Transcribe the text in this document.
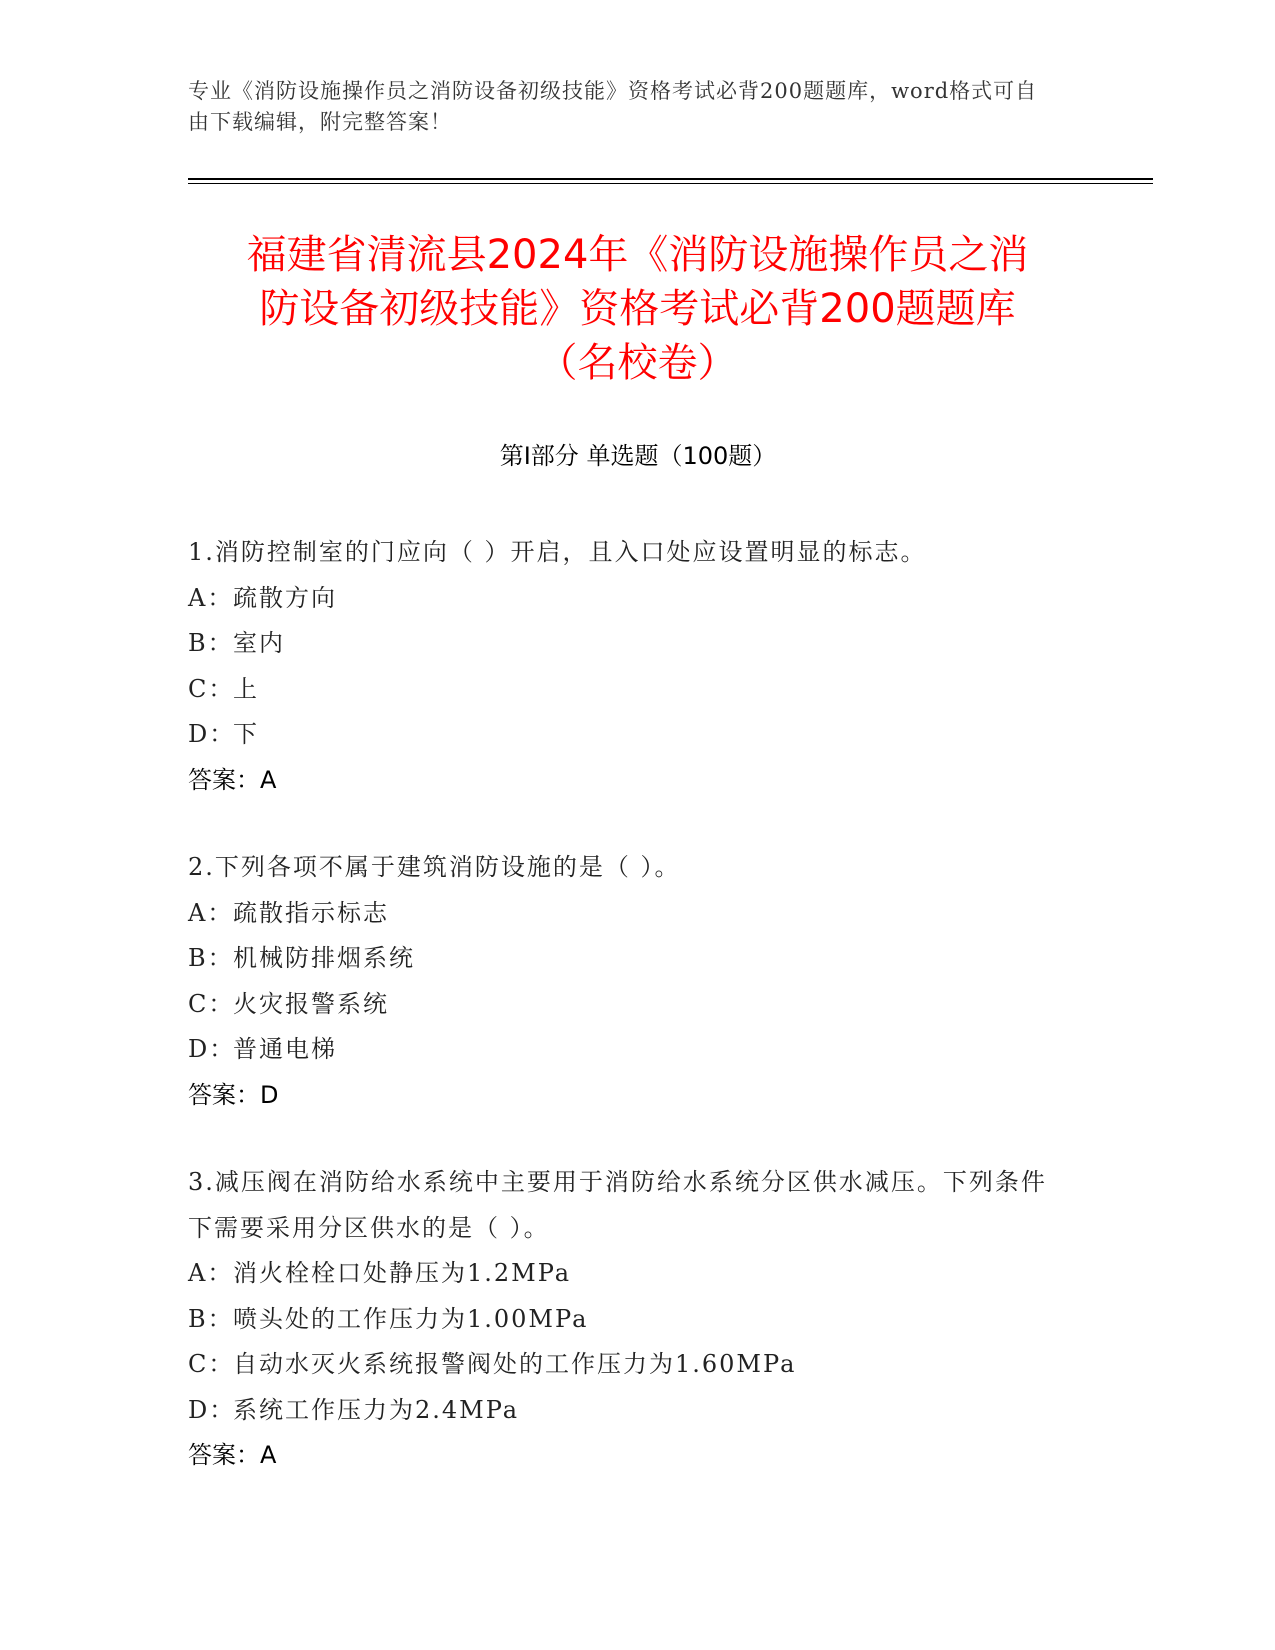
专业《消防设施操作员之消防设备初级技能》资格考试必背200题题库，word格式可自由下载编辑，附完整答案！
福建省清流县2024年《消防设施操作员之消
防设备初级技能》资格考试必背200题题库
（名校卷）
第Ⅰ部分 单选题（100题）
1.消防控制室的门应向（ ）开启，且入口处应设置明显的标志。
A：疏散方向
B：室内
C：上
D：下
答案：A
2.下列各项不属于建筑消防设施的是（ ）。
A：疏散指示标志
B：机械防排烟系统
C：火灾报警系统
D：普通电梯
答案：D
3.减压阀在消防给水系统中主要用于消防给水系统分区供水减压。下列条件下需要采用分区供水的是（ ）。
A：消火栓栓口处静压为1.2MPa
B：喷头处的工作压力为1.00MPa
C：自动水灭火系统报警阀处的工作压力为1.60MPa
D：系统工作压力为2.4MPa
答案：A
